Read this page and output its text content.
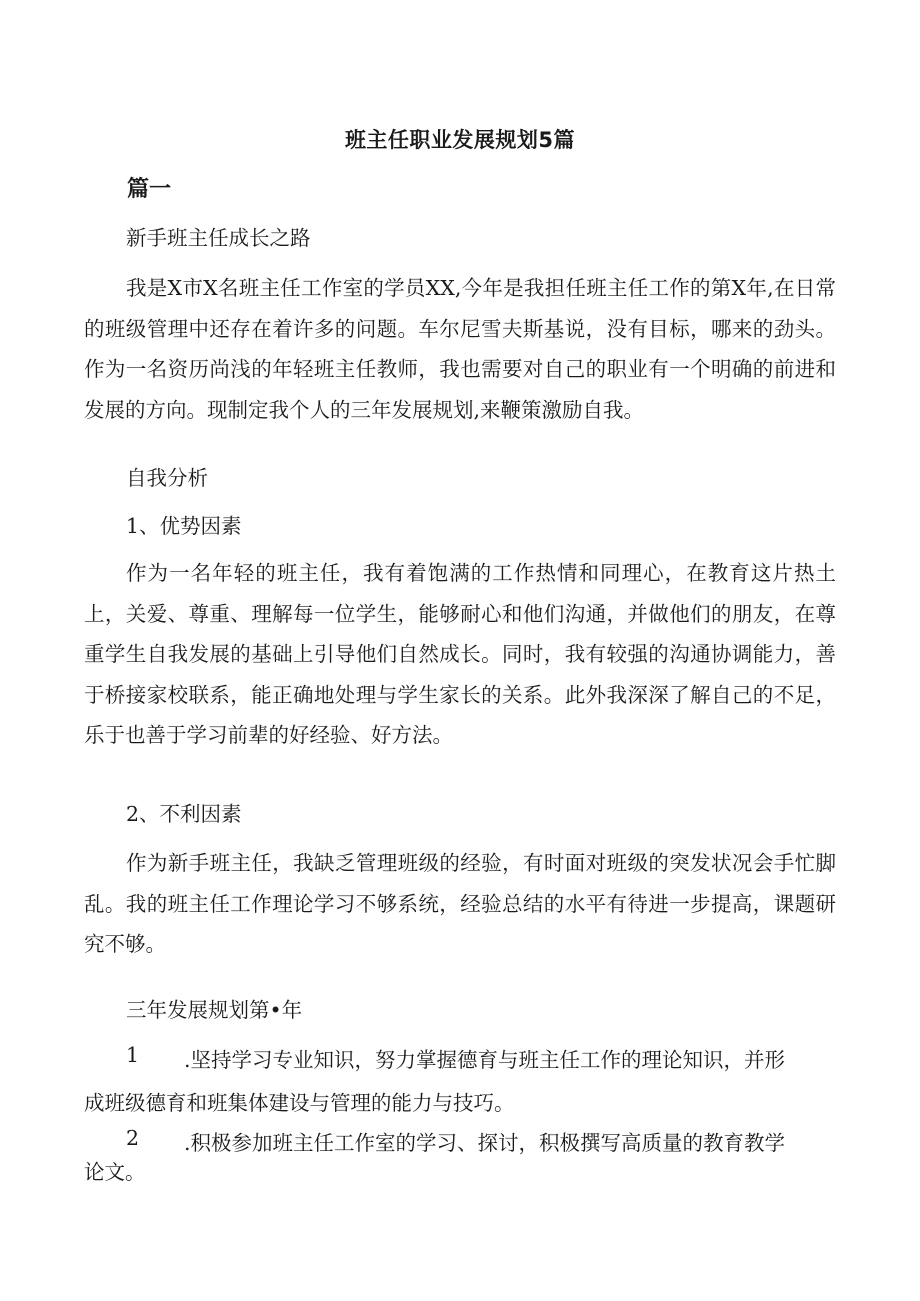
班主任职业发展规划5篇
篇一

新手班主任成长之路

我是X市X名班主任工作室的学员XX,今年是我担任班主任工作的第X年,在日常的班级管理中还存在着许多的问题。车尔尼雪夫斯基说，没有目标，哪来的劲头。作为一名资历尚浅的年轻班主任教师，我也需要对自己的职业有一个明确的前进和发展的方向。现制定我个人的三年发展规划,来鞭策激励自我。

自我分析

1、优势因素

作为一名年轻的班主任，我有着饱满的工作热情和同理心，在教育这片热土上，关爱、尊重、理解每一位学生，能够耐心和他们沟通，并做他们的朋友，在尊重学生自我发展的基础上引导他们自然成长。同时，我有较强的沟通协调能力，善于桥接家校联系，能正确地处理与学生家长的关系。此外我深深了解自己的不足，乐于也善于学习前辈的好经验、好方法。

2、不利因素

作为新手班主任，我缺乏管理班级的经验，有时面对班级的突发状况会手忙脚乱。我的班主任工作理论学习不够系统，经验总结的水平有待进一步提高，课题研究不够。

三年发展规划第•年

1 .坚持学习专业知识，努力掌握德育与班主任工作的理论知识，并形
成班级德育和班集体建设与管理的能力与技巧。
2 .积极参加班主任工作室的学习、探讨，积极撰写高质量的教育教学
论文。
